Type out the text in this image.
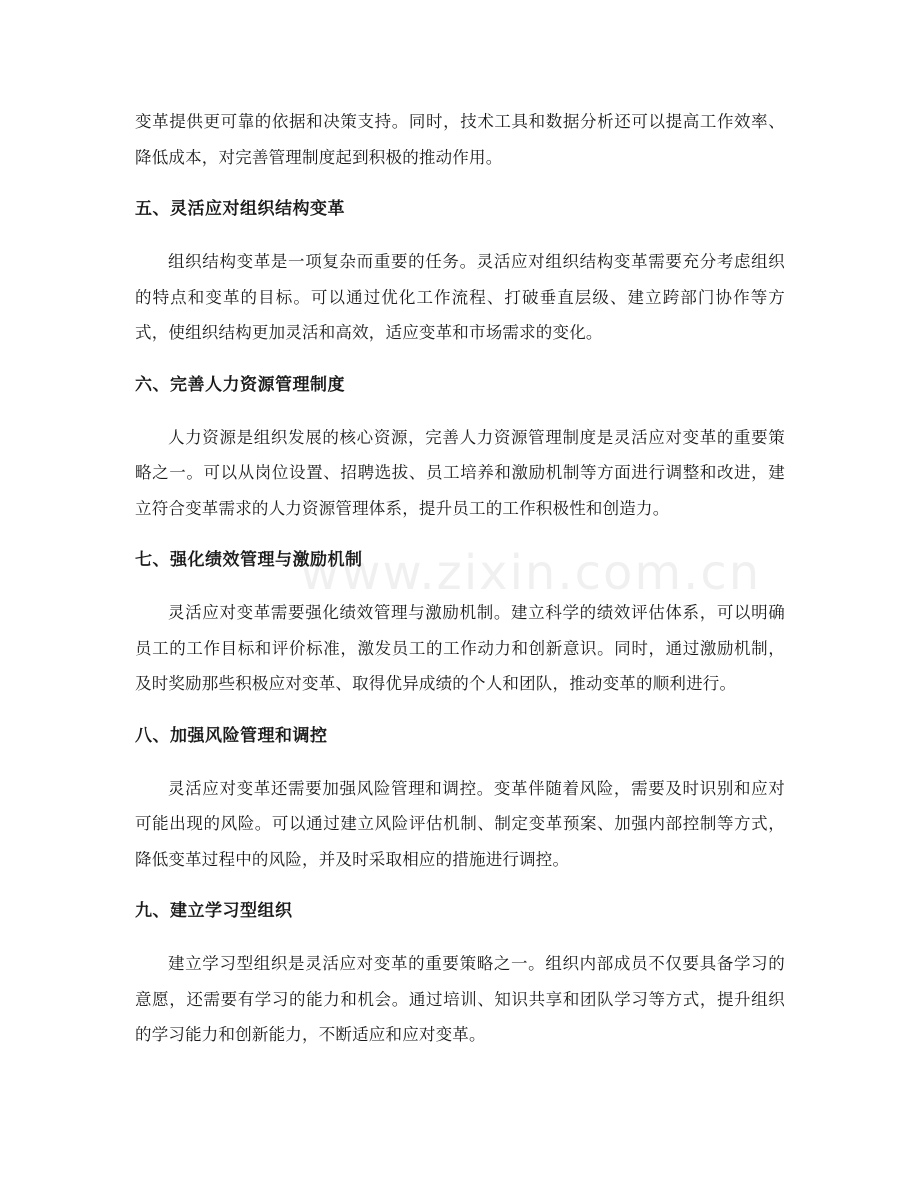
变革提供更可靠的依据和决策支持。同时，技术工具和数据分析还可以提高工作效率、降低成本，对完善管理制度起到积极的推动作用。

五、灵活应对组织结构变革

组织结构变革是一项复杂而重要的任务。灵活应对组织结构变革需要充分考虑组织的特点和变革的目标。可以通过优化工作流程、打破垂直层级、建立跨部门协作等方式，使组织结构更加灵活和高效，适应变革和市场需求的变化。

六、完善人力资源管理制度

人力资源是组织发展的核心资源，完善人力资源管理制度是灵活应对变革的重要策略之一。可以从岗位设置、招聘选拔、员工培养和激励机制等方面进行调整和改进，建立符合变革需求的人力资源管理体系，提升员工的工作积极性和创造力。

七、强化绩效管理与激励机制

灵活应对变革需要强化绩效管理与激励机制。建立科学的绩效评估体系，可以明确员工的工作目标和评价标准，激发员工的工作动力和创新意识。同时，通过激励机制，及时奖励那些积极应对变革、取得优异成绩的个人和团队，推动变革的顺利进行。

八、加强风险管理和调控

灵活应对变革还需要加强风险管理和调控。变革伴随着风险，需要及时识别和应对可能出现的风险。可以通过建立风险评估机制、制定变革预案、加强内部控制等方式，降低变革过程中的风险，并及时采取相应的措施进行调控。

九、建立学习型组织

建立学习型组织是灵活应对变革的重要策略之一。组织内部成员不仅要具备学习的意愿，还需要有学习的能力和机会。通过培训、知识共享和团队学习等方式，提升组织的学习能力和创新能力，不断适应和应对变革。

www.zixin.com.cn
